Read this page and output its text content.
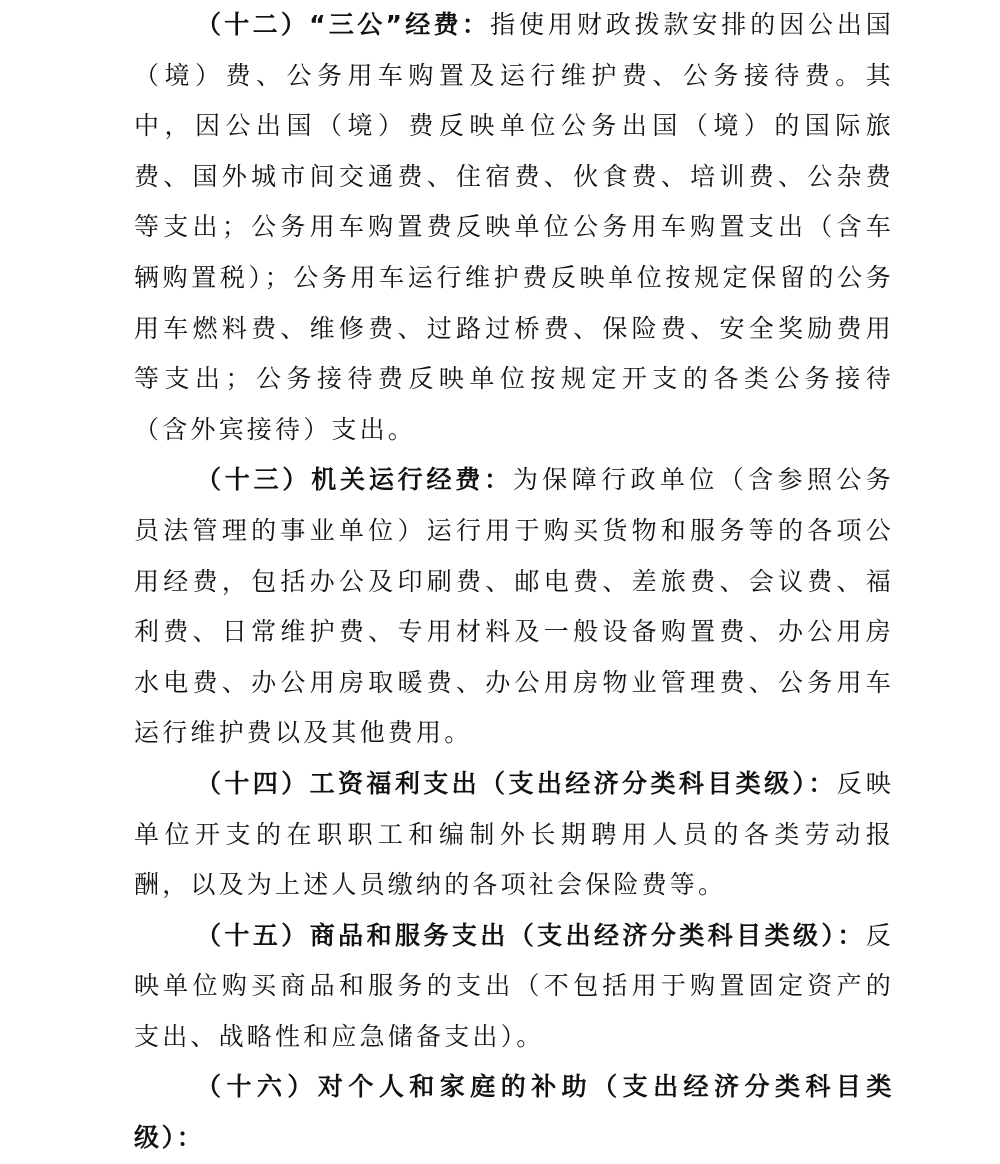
（十二）“三公”经费：指使用财政拨款安排的因公出国（境）费、公务用车购置及运行维护费、公务接待费。其中，因公出国（境）费反映单位公务出国（境）的国际旅费、国外城市间交通费、住宿费、伙食费、培训费、公杂费等支出；公务用车购置费反映单位公务用车购置支出（含车辆购置税）；公务用车运行维护费反映单位按规定保留的公务用车燃料费、维修费、过路过桥费、保险费、安全奖励费用等支出；公务接待费反映单位按规定开支的各类公务接待（含外宾接待）支出。

（十三）机关运行经费：为保障行政单位（含参照公务员法管理的事业单位）运行用于购买货物和服务等的各项公用经费，包括办公及印刷费、邮电费、差旅费、会议费、福利费、日常维护费、专用材料及一般设备购置费、办公用房水电费、办公用房取暖费、办公用房物业管理费、公务用车运行维护费以及其他费用。

（十四）工资福利支出（支出经济分类科目类级）：反映单位开支的在职职工和编制外长期聘用人员的各类劳动报酬，以及为上述人员缴纳的各项社会保险费等。

（十五）商品和服务支出（支出经济分类科目类级）：反映单位购买商品和服务的支出（不包括用于购置固定资产的支出、战略性和应急储备支出）。

（十六）对个人和家庭的补助（支出经济分类科目类级）：
